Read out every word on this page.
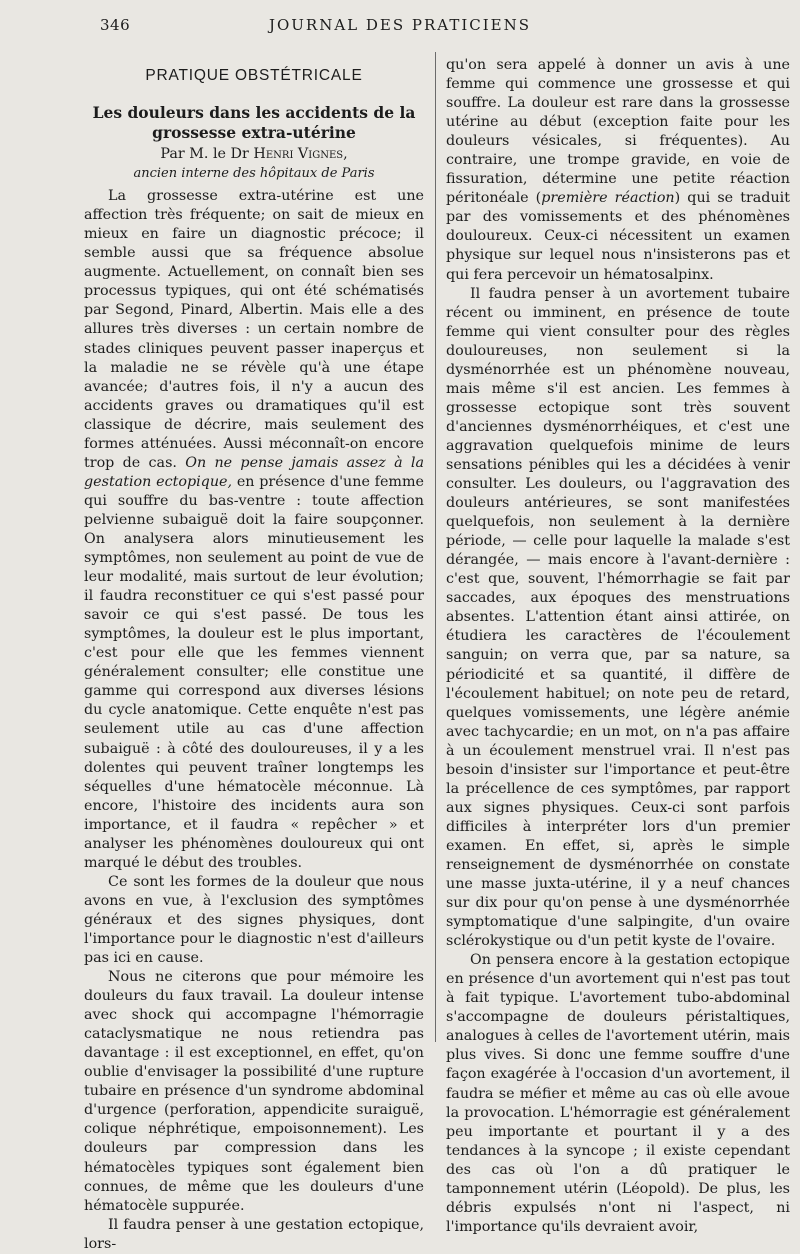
346	JOURNAL DES PRATICIENS
PRATIQUE OBSTÉTRICALE
Les douleurs dans les accidents de la grossesse extra-utérine
Par M. le Dr Henri Vignes,
ancien interne des hôpitaux de Paris

La grossesse extra-utérine est une affection très fréquente; on sait de mieux en mieux en faire un diagnostic précoce; il semble aussi que sa fréquence absolue augmente. Actuellement, on connaît bien ses processus typiques, qui ont été schématisés par Segond, Pinard, Albertin. Mais elle a des allures très diverses : un certain nombre de stades cliniques peuvent passer inaperçus et la maladie ne se révèle qu'à une étape avancée; d'autres fois, il n'y a aucun des accidents graves ou dramatiques qu'il est classique de décrire, mais seulement des formes atténuées. Aussi méconnaît-on encore trop de cas. On ne pense jamais assez à la gestation ectopique, en présence d'une femme qui souffre du bas-ventre : toute affection pelvienne subaiguë doit la faire soupçonner. On analysera alors minutieusement les symptômes, non seulement au point de vue de leur modalité, mais surtout de leur évolution; il faudra reconstituer ce qui s'est passé pour savoir ce qui s'est passé. De tous les symptômes, la douleur est le plus important, c'est pour elle que les femmes viennent généralement consulter; elle constitue une gamme qui correspond aux diverses lésions du cycle anatomique. Cette enquête n'est pas seulement utile au cas d'une affection subaiguë : à côté des douloureuses, il y a les dolentes qui peuvent traîner longtemps les séquelles d'une hématocèle méconnue. Là encore, l'histoire des incidents aura son importance, et il faudra « repêcher » et analyser les phénomènes douloureux qui ont marqué le début des troubles.

Ce sont les formes de la douleur que nous avons en vue, à l'exclusion des symptômes généraux et des signes physiques, dont l'importance pour le diagnostic n'est d'ailleurs pas ici en cause.

Nous ne citerons que pour mémoire les douleurs du faux travail. La douleur intense avec shock qui accompagne l'hémorragie cataclysmatique ne nous retiendra pas davantage : il est exceptionnel, en effet, qu'on oublie d'envisager la possibilité d'une rupture tubaire en présence d'un syndrome abdominal d'urgence (perforation, appendicite suraiguë, colique néphrétique, empoisonnement). Les douleurs par compression dans les hématocèles typiques sont également bien connues, de même que les douleurs d'une hématocèle suppurée.

Il faudra penser à une gestation ectopique, lors-

qu'on sera appelé à donner un avis à une femme qui commence une grossesse et qui souffre. La douleur est rare dans la grossesse utérine au début (exception faite pour les douleurs vésicales, si fréquentes). Au contraire, une trompe gravide, en voie de fissuration, détermine une petite réaction péritonéale (première réaction) qui se traduit par des vomissements et des phénomènes douloureux. Ceux-ci nécessitent un examen physique sur lequel nous n'insisterons pas et qui fera percevoir un hématosalpinx.

Il faudra penser à un avortement tubaire récent ou imminent, en présence de toute femme qui vient consulter pour des règles douloureuses, non seulement si la dysménorrhée est un phénomène nouveau, mais même s'il est ancien. Les femmes à grossesse ectopique sont très souvent d'anciennes dysménorrhéiques, et c'est une aggravation quelquefois minime de leurs sensations pénibles qui les a décidées à venir consulter. Les douleurs, ou l'aggravation des douleurs antérieures, se sont manifestées quelquefois, non seulement à la dernière période, — celle pour laquelle la malade s'est dérangée, — mais encore à l'avant-dernière : c'est que, souvent, l'hémorrhagie se fait par saccades, aux époques des menstruations absentes. L'attention étant ainsi attirée, on étudiera les caractères de l'écoulement sanguin; on verra que, par sa nature, sa périodicité et sa quantité, il diffère de l'écoulement habituel; on note peu de retard, quelques vomissements, une légère anémie avec tachycardie; en un mot, on n'a pas affaire à un écoulement menstruel vrai. Il n'est pas besoin d'insister sur l'importance et peut-être la précellence de ces symptômes, par rapport aux signes physiques. Ceux-ci sont parfois difficiles à interpréter lors d'un premier examen. En effet, si, après le simple renseignement de dysménorrhée on constate une masse juxta-utérine, il y a neuf chances sur dix pour qu'on pense à une dysménorrhée symptomatique d'une salpingite, d'un ovaire sclérokystique ou d'un petit kyste de l'ovaire.

On pensera encore à la gestation ectopique en présence d'un avortement qui n'est pas tout à fait typique. L'avortement tubo-abdominal s'accompagne de douleurs péristaltiques, analogues à celles de l'avortement utérin, mais plus vives. Si donc une femme souffre d'une façon exagérée à l'occasion d'un avortement, il faudra se méfier et même au cas où elle avoue la provocation. L'hémorragie est généralement peu importante et pourtant il y a des tendances à la syncope ; il existe cependant des cas où l'on a dû pratiquer le tamponnement utérin (Léopold). De plus, les débris expulsés n'ont ni l'aspect, ni l'importance qu'ils devraient avoir,
